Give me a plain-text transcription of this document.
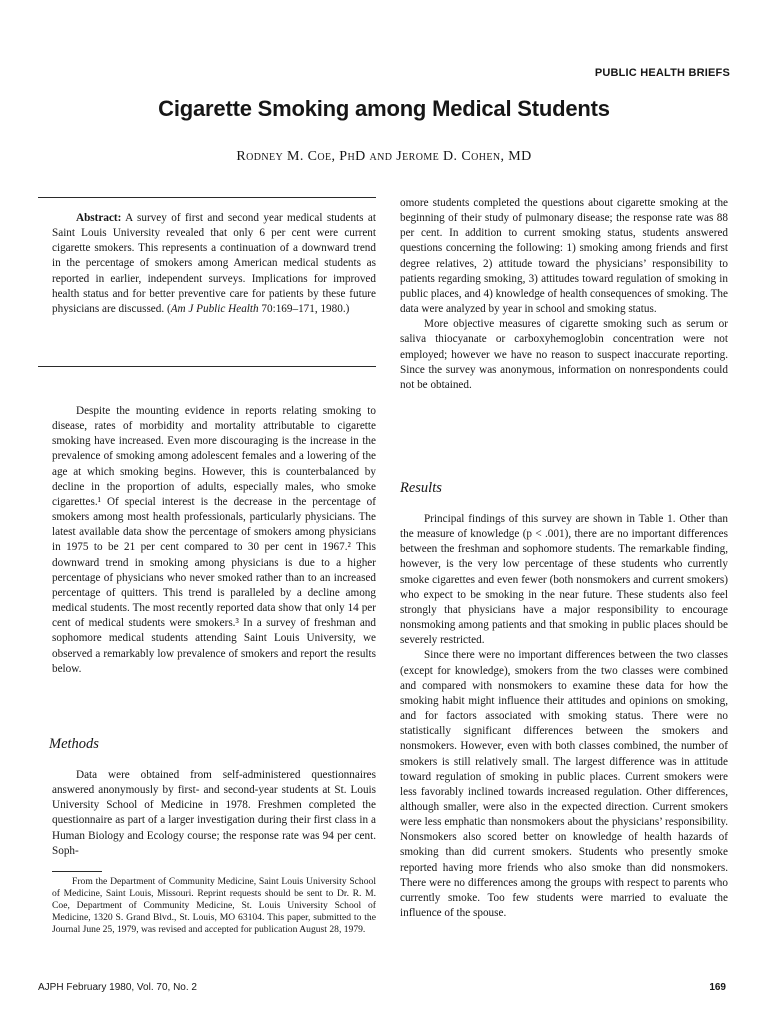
PUBLIC HEALTH BRIEFS
Cigarette Smoking among Medical Students
Rodney M. Coe, PhD and Jerome D. Cohen, MD

Abstract: A survey of first and second year medical students at Saint Louis University revealed that only 6 per cent were current cigarette smokers. This represents a continuation of a downward trend in the percentage of smokers among American medical students as reported in earlier, independent surveys. Implications for improved health status and for better preventive care for patients by these future physicians are discussed. (Am J Public Health 70:169–171, 1980.)

Despite the mounting evidence in reports relating smoking to disease, rates of morbidity and mortality attributable to cigarette smoking have increased. Even more discouraging is the increase in the prevalence of smoking among adolescent females and a lowering of the age at which smoking begins. However, this is counterbalanced by decline in the proportion of adults, especially males, who smoke cigarettes.¹ Of special interest is the decrease in the percentage of smokers among most health professionals, particularly physicians. The latest available data show the percentage of smokers among physicians in 1975 to be 21 per cent compared to 30 per cent in 1967.² This downward trend in smoking among physicians is due to a higher percentage of physicians who never smoked rather than to an increased percentage of quitters. This trend is paralleled by a decline among medical students. The most recently reported data show that only 14 per cent of medical students were smokers.³ In a survey of freshman and sophomore medical students attending Saint Louis University, we observed a remarkably low prevalence of smokers and report the results below.

Methods

Data were obtained from self-administered questionnaires answered anonymously by first- and second-year students at St. Louis University School of Medicine in 1978. Freshmen completed the questionnaire as part of a larger investigation during their first class in a Human Biology and Ecology course; the response rate was 94 per cent. Soph-

From the Department of Community Medicine, Saint Louis University School of Medicine, Saint Louis, Missouri. Reprint requests should be sent to Dr. R. M. Coe, Department of Community Medicine, St. Louis University School of Medicine, 1320 S. Grand Blvd., St. Louis, MO 63104. This paper, submitted to the Journal June 25, 1979, was revised and accepted for publication August 28, 1979.

omore students completed the questions about cigarette smoking at the beginning of their study of pulmonary disease; the response rate was 88 per cent. In addition to current smoking status, students answered questions concerning the following: 1) smoking among friends and first degree relatives, 2) attitude toward the physicians’ responsibility to patients regarding smoking, 3) attitudes toward regulation of smoking in public places, and 4) knowledge of health consequences of smoking. The data were analyzed by year in school and smoking status.

More objective measures of cigarette smoking such as serum or saliva thiocyanate or carboxyhemoglobin concentration were not employed; however we have no reason to suspect inaccurate reporting. Since the survey was anonymous, information on nonrespondents could not be obtained.

Results

Principal findings of this survey are shown in Table 1. Other than the measure of knowledge (p < .001), there are no important differences between the freshman and sophomore students. The remarkable finding, however, is the very low percentage of these students who currently smoke cigarettes and even fewer (both nonsmokers and current smokers) who expect to be smoking in the near future. These students also feel strongly that physicians have a major responsibility to encourage nonsmoking among patients and that smoking in public places should be severely restricted.

Since there were no important differences between the two classes (except for knowledge), smokers from the two classes were combined and compared with nonsmokers to examine these data for how the smoking habit might influence their attitudes and opinions on smoking, and for factors associated with smoking status. There were no statistically significant differences between the smokers and nonsmokers. However, even with both classes combined, the number of smokers is still relatively small. The largest difference was in attitude toward regulation of smoking in public places. Current smokers were less favorably inclined towards increased regulation. Other differences, although smaller, were also in the expected direction. Current smokers were less emphatic than nonsmokers about the physicians’ responsibility. Nonsmokers also scored better on knowledge of health hazards of smoking than did current smokers. Students who presently smoke reported having more friends who also smoke than did nonsmokers. There were no differences among the groups with respect to parents who currently smoke. Too few students were married to evaluate the influence of the spouse.

AJPH February 1980, Vol. 70, No. 2	169
